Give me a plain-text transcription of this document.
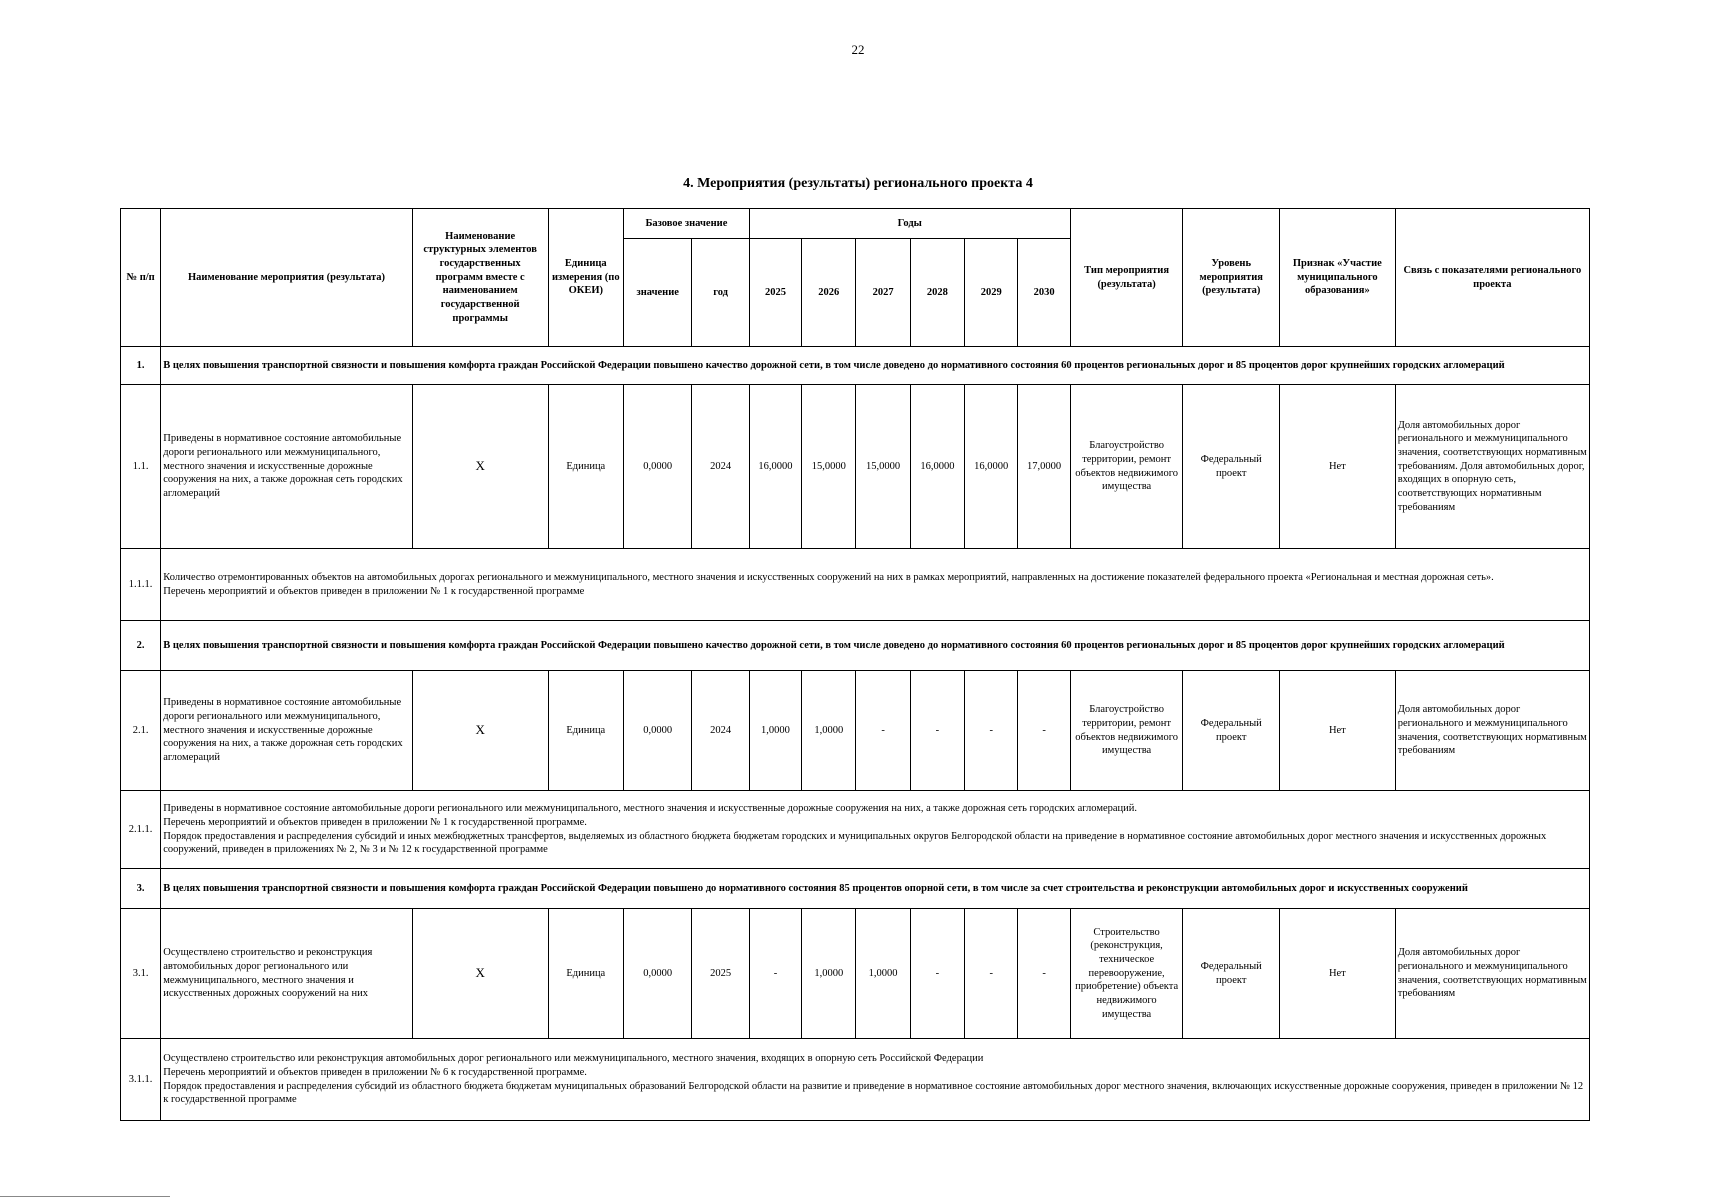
22
4. Мероприятия (результаты) регионального проекта 4
№ п/п	Наименование мероприятия (результата)	Наименование структурных элементов государственных программ вместе с наименованием государственной программы	Единица измерения (по ОКЕИ)	Базовое значение		Годы						Тип мероприятия (результата)	Уровень мероприятия (результата)	Признак «Участие муниципального образования»	Связь с показателями регионального проекта
				значение	год	2025	2026	2027	2028	2029	2030				
1.	В целях повышения транспортной связности и повышения комфорта граждан Российской Федерации повышено качество дорожной сети, в том числе доведено до нормативного состояния 60 процентов региональных дорог и 85 процентов дорог крупнейших городских агломераций														
1.1.	Приведены в нормативное состояние автомобильные дороги регионального или межмуниципального, местного значения и искусственные дорожные сооружения на них, а также дорожная сеть городских агломераций	Х	Единица	0,0000	2024	16,0000	15,0000	15,0000	16,0000	16,0000	17,0000	Благоустройство территории, ремонт объектов недвижимого имущества	Федеральный проект	Нет	Доля автомобильных дорог регионального и межмуниципального значения, соответствующих нормативным требованиям. Доля автомобильных дорог, входящих в опорную сеть, соответствующих нормативным требованиям
1.1.1.	Количество отремонтированных объектов на автомобильных дорогах регионального и межмуниципального, местного значения и искусственных сооружений на них в рамках мероприятий, направленных на достижение показателей федерального проекта «Региональная и местная дорожная сеть».
Перечень мероприятий и объектов приведен в приложении № 1 к государственной программе														

2.	В целях повышения транспортной связности и повышения комфорта граждан Российской Федерации повышено качество дорожной сети, в том числе доведено до нормативного состояния 60 процентов региональных дорог и 85 процентов дорог крупнейших городских агломераций														
2.1.	Приведены в нормативное состояние автомобильные дороги регионального или межмуниципального, местного значения и искусственные дорожные сооружения на них, а также дорожная сеть городских агломераций	Х	Единица	0,0000	2024	1,0000	1,0000	-	-	-	-	Благоустройство территории, ремонт объектов недвижимого имущества	Федеральный проект	Нет	Доля автомобильных дорог регионального и межмуниципального значения, соответствующих нормативным требованиям
2.1.1.	Приведены в нормативное состояние автомобильные дороги регионального или межмуниципального, местного значения и искусственные дорожные сооружения на них, а также дорожная сеть городских агломераций.
Перечень мероприятий и объектов приведен в приложении № 1 к государственной программе.
Порядок предоставления и распределения субсидий и иных межбюджетных трансфертов, выделяемых из областного бюджета бюджетам городских и муниципальных округов Белгородской области на приведение в нормативное состояние автомобильных дорог местного значения и искусственных дорожных сооружений, приведен в приложениях № 2, № 3 и № 12 к государственной программе														

3.	В целях повышения транспортной связности и повышения комфорта граждан Российской Федерации повышено до нормативного состояния 85 процентов опорной сети, в том числе за счет строительства и реконструкции автомобильных дорог и искусственных сооружений														
3.1.	Осуществлено строительство и реконструкция автомобильных дорог регионального или межмуниципального, местного значения и искусственных дорожных сооружений на них	Х	Единица	0,0000	2025	-	1,0000	1,0000	-	-	-	Строительство (реконструкция, техническое перевооружение, приобретение) объекта недвижимого имущества	Федеральный проект	Нет	Доля автомобильных дорог регионального и межмуниципального значения, соответствующих нормативным требованиям
3.1.1.	Осуществлено строительство или реконструкция автомобильных дорог регионального или межмуниципального, местного значения, входящих в опорную сеть Российской Федерации
Перечень мероприятий и объектов приведен в приложении № 6 к государственной программе.
Порядок предоставления и распределения субсидий из областного бюджета бюджетам муниципальных образований Белгородской области на развитие и приведение в нормативное состояние автомобильных дорог местного значения, включающих искусственные дорожные сооружения, приведен в приложении № 12 к государственной программе														
